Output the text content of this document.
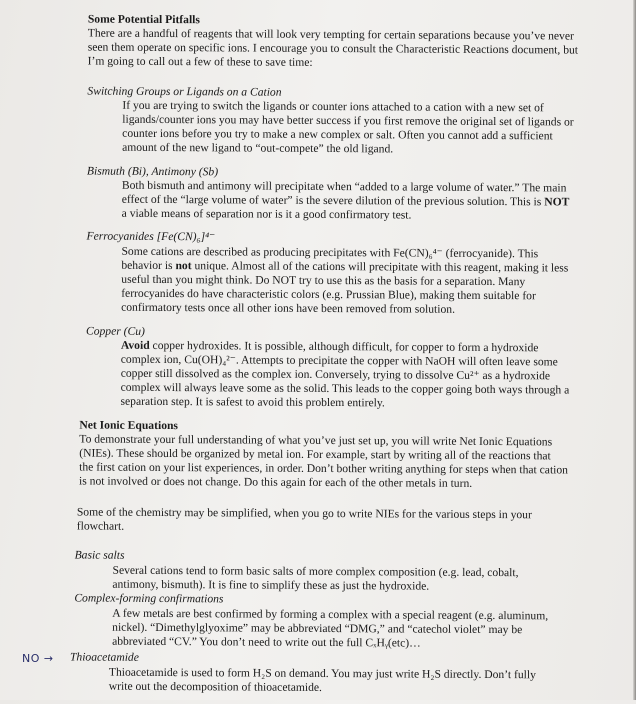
Some Potential Pitfalls
There are a handful of reagents that will look very tempting for certain separations because you’ve never
seen them operate on specific ions. I encourage you to consult the Characteristic Reactions document, but
I’m going to call out a few of these to save time:
Switching Groups or Ligands on a Cation
If you are trying to switch the ligands or counter ions attached to a cation with a new set of
ligands/counter ions you may have better success if you first remove the original set of ligands or
counter ions before you try to make a new complex or salt. Often you cannot add a sufficient
amount of the new ligand to “out-compete” the old ligand.
Bismuth (Bi), Antimony (Sb)
Both bismuth and antimony will precipitate when “added to a large volume of water.” The main
effect of the “large volume of water” is the severe dilution of the previous solution. This is NOT
a viable means of separation nor is it a good confirmatory test.
Ferrocyanides [Fe(CN)₆]⁴⁻
Some cations are described as producing precipitates with Fe(CN)₆⁴⁻ (ferrocyanide). This
behavior is not unique. Almost all of the cations will precipitate with this reagent, making it less
useful than you might think. Do NOT try to use this as the basis for a separation. Many
ferrocyanides do have characteristic colors (e.g. Prussian Blue), making them suitable for
confirmatory tests once all other ions have been removed from solution.
Copper (Cu)
Avoid copper hydroxides. It is possible, although difficult, for copper to form a hydroxide
complex ion, Cu(OH)₄²⁻. Attempts to precipitate the copper with NaOH will often leave some
copper still dissolved as the complex ion. Conversely, trying to dissolve Cu²⁺ as a hydroxide
complex will always leave some as the solid. This leads to the copper going both ways through a
separation step. It is safest to avoid this problem entirely.
Net Ionic Equations
To demonstrate your full understanding of what you’ve just set up, you will write Net Ionic Equations
(NIEs). These should be organized by metal ion. For example, start by writing all of the reactions that
the first cation on your list experiences, in order. Don’t bother writing anything for steps when that cation
is not involved or does not change. Do this again for each of the other metals in turn.
Some of the chemistry may be simplified, when you go to write NIEs for the various steps in your
flowchart.
Basic salts
Several cations tend to form basic salts of more complex composition (e.g. lead, cobalt,
antimony, bismuth). It is fine to simplify these as just the hydroxide.
Complex-forming confirmations
A few metals are best confirmed by forming a complex with a special reagent (e.g. aluminum,
nickel). “Dimethylglyoxime” may be abbreviated “DMG,” and “catechol violet” may be
abbreviated “CV.” You don’t need to write out the full CₓHᵧ(etc)…
Thioacetamide
Thioacetamide is used to form H₂S on demand. You may just write H₂S directly. Don’t fully
write out the decomposition of thioacetamide.
NO →
